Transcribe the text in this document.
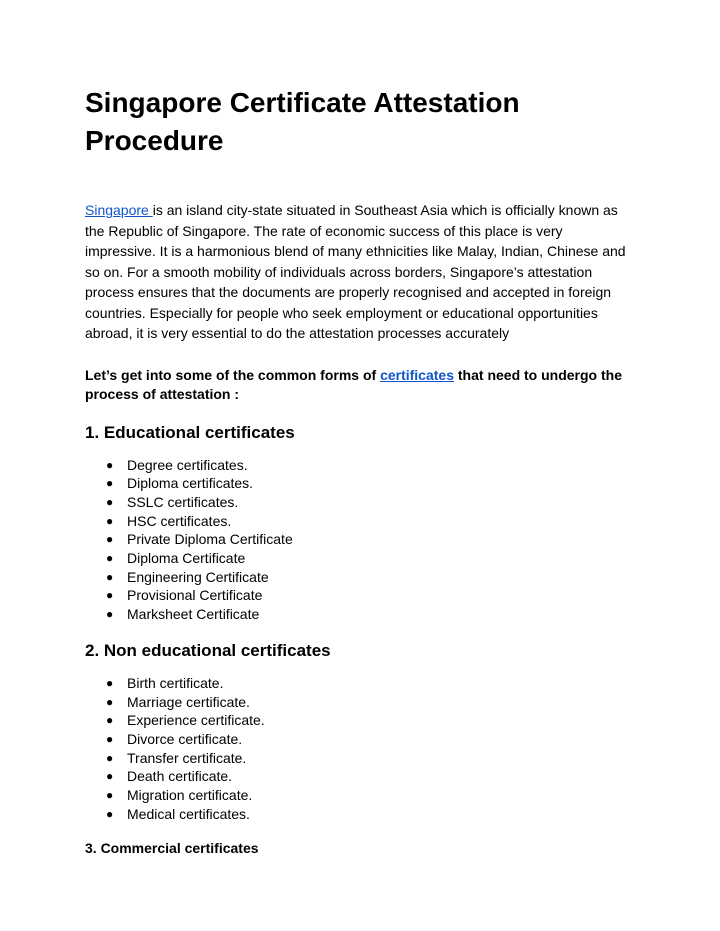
Singapore Certificate Attestation Procedure

Singapore is an island city-state situated in Southeast Asia which is officially known as the Republic of Singapore. The rate of economic success of this place is very impressive. It is a harmonious blend of many ethnicities like Malay, Indian, Chinese and so on. For a smooth mobility of individuals across borders, Singapore’s attestation process ensures that the documents are properly recognised and accepted in foreign countries. Especially for people who seek employment or educational opportunities abroad, it is very essential to do the attestation processes accurately

Let’s get into some of the common forms of certificates that need to undergo the process of attestation :

1. Educational certificates
● Degree certificates.
● Diploma certificates.
● SSLC certificates.
● HSC certificates.
● Private Diploma Certificate
● Diploma Certificate
● Engineering Certificate
● Provisional Certificate
● Marksheet Certificate
2. Non educational certificates
● Birth certificate.
● Marriage certificate.
● Experience certificate.
● Divorce certificate.
● Transfer certificate.
● Death certificate.
● Migration certificate.
● Medical certificates.
3. Commercial certificates
